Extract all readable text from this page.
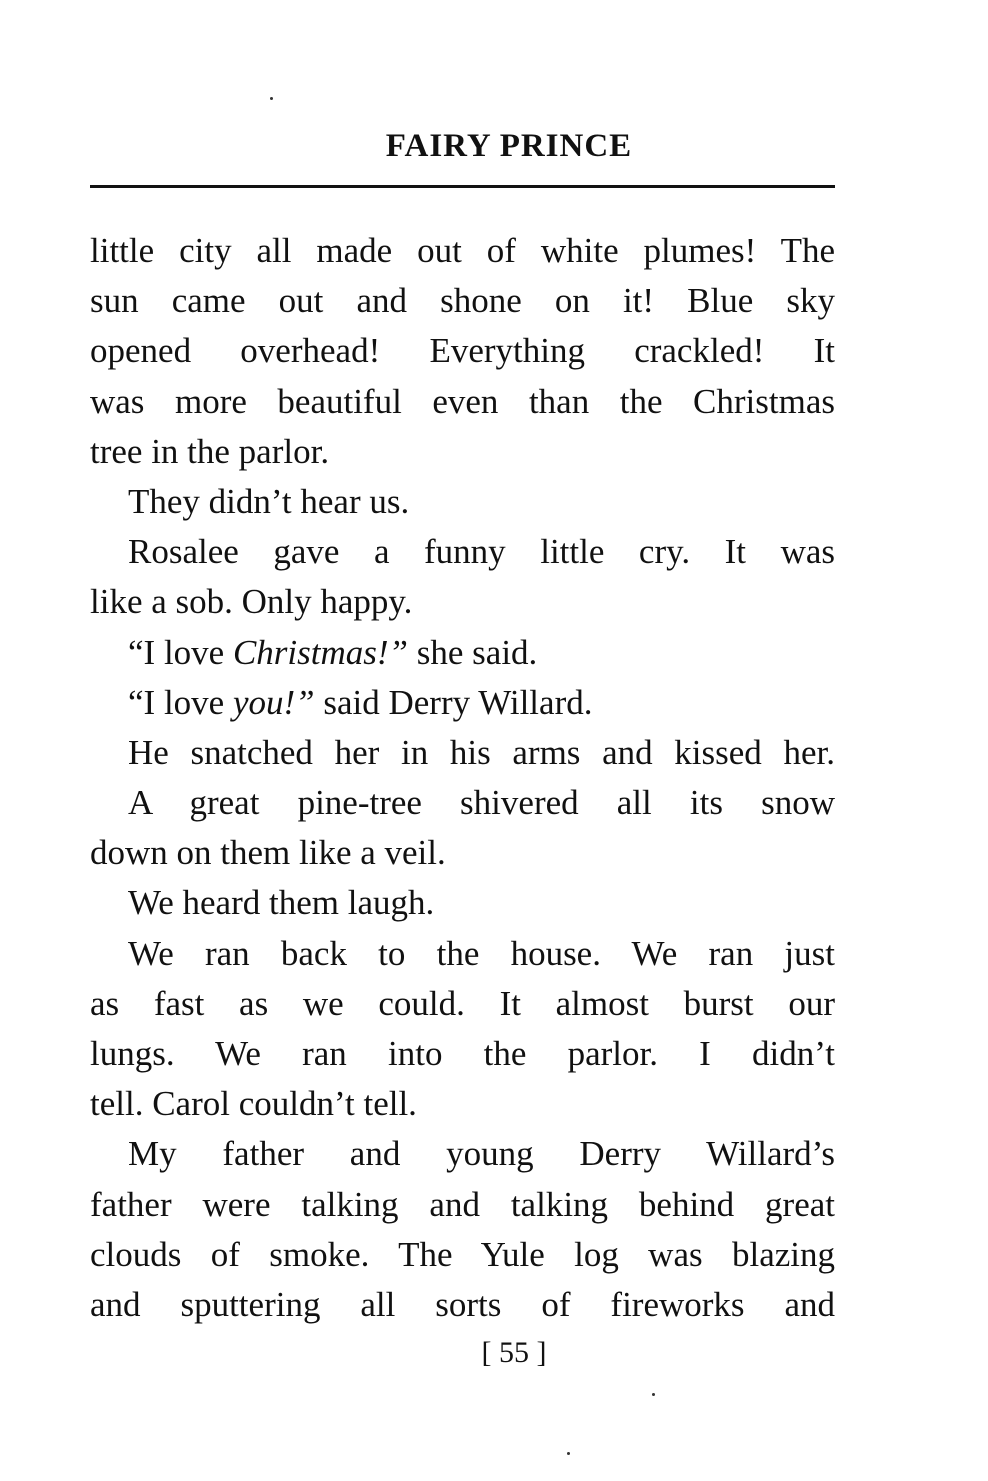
FAIRY PRINCE
little city all made out of white plumes! The
sun came out and shone on it! Blue sky
opened overhead! Everything crackled! It
was more beautiful even than the Christmas
tree in the parlor.
They didn’t hear us.
Rosalee gave a funny little cry. It was
like a sob. Only happy.
“I love Christmas!” she said.
“I love you!” said Derry Willard.
He snatched her in his arms and kissed her.
A great pine-tree shivered all its snow
down on them like a veil.
We heard them laugh.
We ran back to the house. We ran just
as fast as we could. It almost burst our
lungs. We ran into the parlor. I didn’t
tell. Carol couldn’t tell.
My father and young Derry Willard’s
father were talking and talking behind great
clouds of smoke. The Yule log was blazing
and sputtering all sorts of fireworks and
[ 55 ]
